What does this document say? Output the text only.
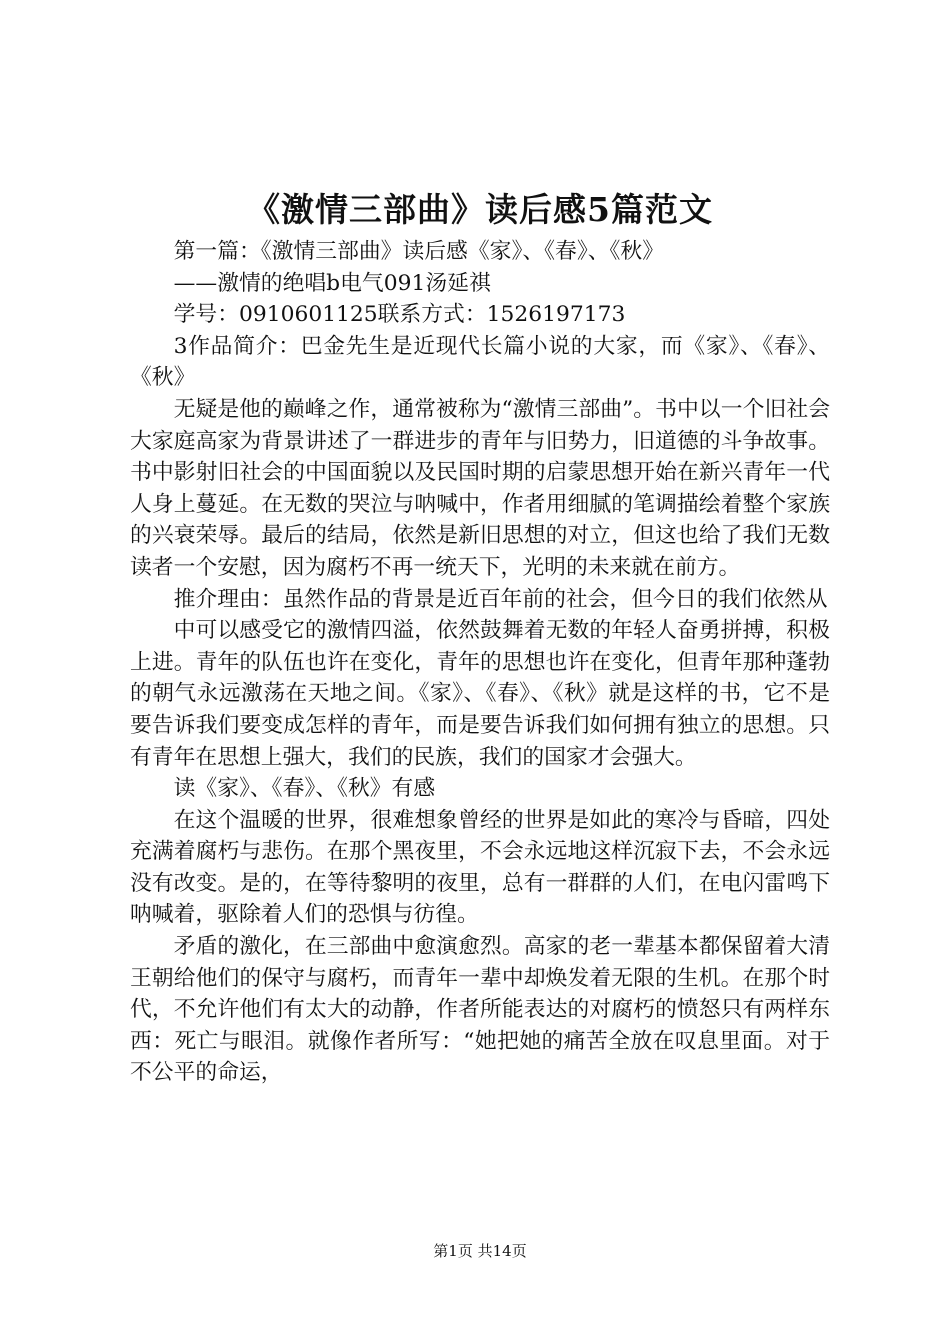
《激情三部曲》读后感5篇范文

第一篇：《激情三部曲》读后感《家》、《春》、《秋》

——激情的绝唱b电气091汤延祺

学号：0910601125联系方式：1526197173

3作品简介：巴金先生是近现代长篇小说的大家，而《家》、《春》、《秋》

无疑是他的巅峰之作，通常被称为“激情三部曲”。书中以一个旧社会大家庭高家为背景讲述了一群进步的青年与旧势力，旧道德的斗争故事。书中影射旧社会的中国面貌以及民国时期的启蒙思想开始在新兴青年一代人身上蔓延。在无数的哭泣与呐喊中，作者用细腻的笔调描绘着整个家族的兴衰荣辱。最后的结局，依然是新旧思想的对立，但这也给了我们无数读者一个安慰，因为腐朽不再一统天下，光明的未来就在前方。

推介理由：虽然作品的背景是近百年前的社会，但今日的我们依然从

中可以感受它的激情四溢，依然鼓舞着无数的年轻人奋勇拼搏，积极上进。青年的队伍也许在变化，青年的思想也许在变化，但青年那种蓬勃的朝气永远激荡在天地之间。《家》、《春》、《秋》就是这样的书，它不是要告诉我们要变成怎样的青年，而是要告诉我们如何拥有独立的思想。只有青年在思想上强大，我们的民族，我们的国家才会强大。

读《家》、《春》、《秋》有感

在这个温暖的世界，很难想象曾经的世界是如此的寒冷与昏暗，四处充满着腐朽与悲伤。在那个黑夜里，不会永远地这样沉寂下去，不会永远没有改变。是的，在等待黎明的夜里，总有一群群的人们，在电闪雷鸣下呐喊着，驱除着人们的恐惧与彷徨。

矛盾的激化，在三部曲中愈演愈烈。高家的老一辈基本都保留着大清王朝给他们的保守与腐朽，而青年一辈中却焕发着无限的生机。在那个时代，不允许他们有太大的动静，作者所能表达的对腐朽的愤怒只有两样东西：死亡与眼泪。就像作者所写：“她把她的痛苦全放在叹息里面。对于不公平的命运，

第1页 共14页
